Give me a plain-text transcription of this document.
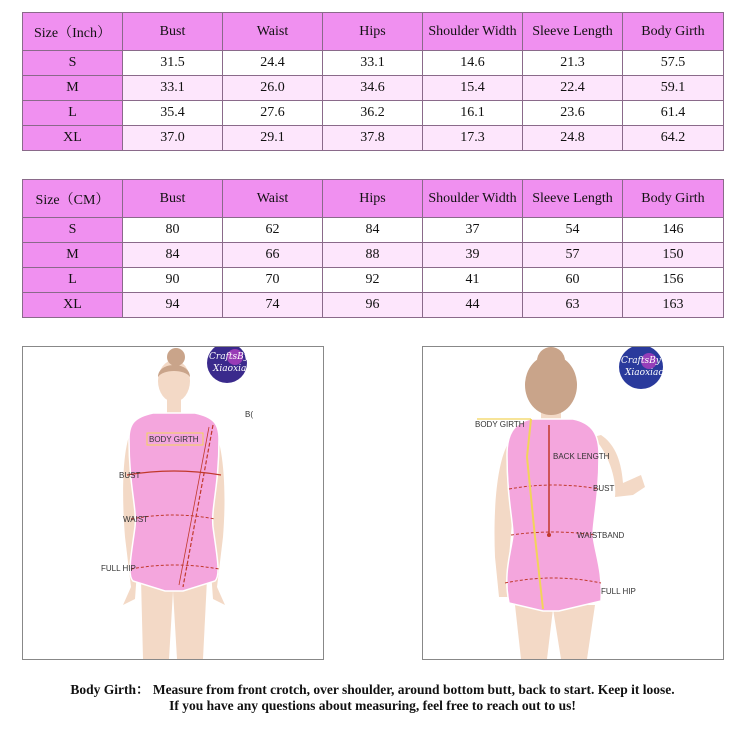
Size（Inch）	Bust	Waist	Hips	Shoulder Width	Sleeve Length	Body Girth
S	31.5	24.4	33.1	14.6	21.3	57.5
M	33.1	26.0	34.6	15.4	22.4	59.1
L	35.4	27.6	36.2	16.1	23.6	61.4
XL	37.0	29.1	37.8	17.3	24.8	64.2
Size（CM）	Bust	Waist	Hips	Shoulder Width	Sleeve Length	Body Girth
S	80	62	84	37	54	146
M	84	66	88	39	57	150
L	90	70	92	41	60	156
XL	94	74	96	44	63	163
BODY GIRTH
BUST
WAIST
FULL HIP
B(
CraftsBy
Xiaoxiao
BODY GIRTH
BACK LENGTH
BUST
WAISTBAND
FULL HIP
CraftsBy
Xiaoxiao
Body Girth： Measure from front crotch, over shoulder, around bottom butt, back to start. Keep it loose.
If you have any questions about measuring, feel free to reach out to us!
